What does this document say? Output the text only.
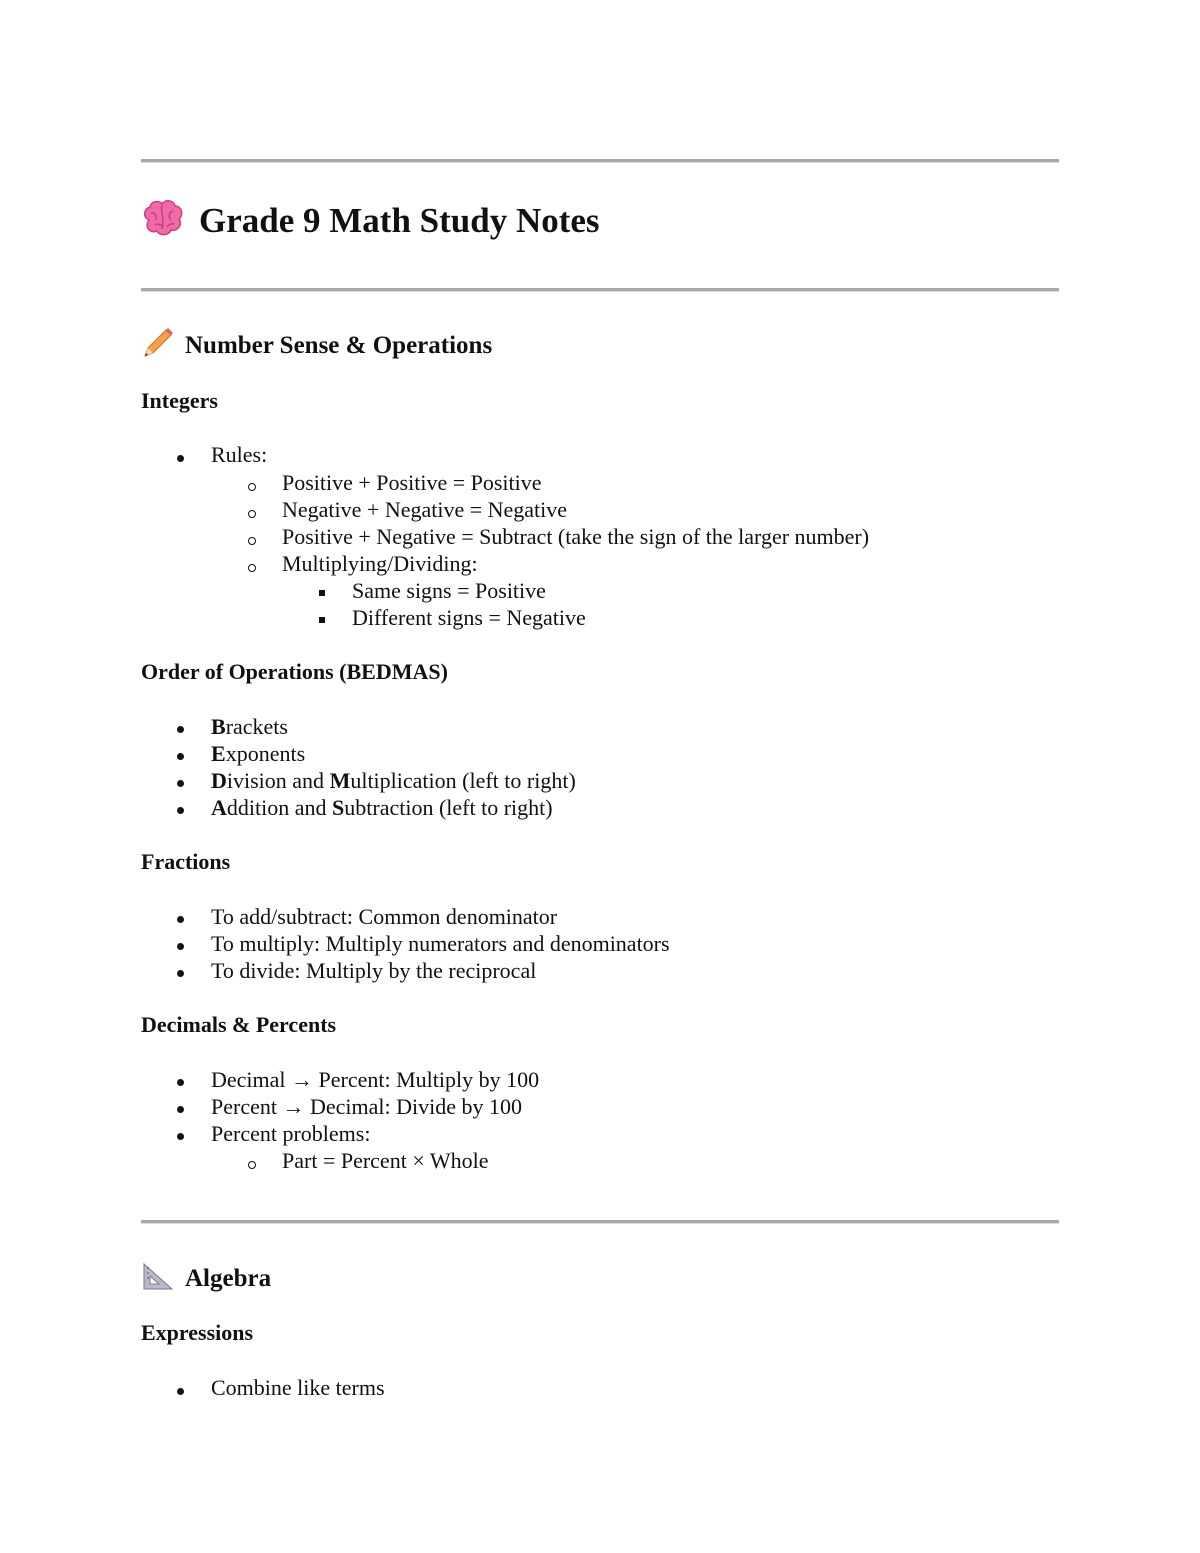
Grade 9 Math Study Notes
Number Sense & Operations
Integers
Rules:
Positive + Positive = Positive
Negative + Negative = Negative
Positive + Negative = Subtract (take the sign of the larger number)
Multiplying/Dividing:
Same signs = Positive
Different signs = Negative
Order of Operations (BEDMAS)
Brackets
Exponents
Division and Multiplication (left to right)
Addition and Subtraction (left to right)
Fractions
To add/subtract: Common denominator
To multiply: Multiply numerators and denominators
To divide: Multiply by the reciprocal
Decimals & Percents
Decimal → Percent: Multiply by 100
Percent → Decimal: Divide by 100
Percent problems:
Part = Percent × Whole
Algebra
Expressions
Combine like terms
